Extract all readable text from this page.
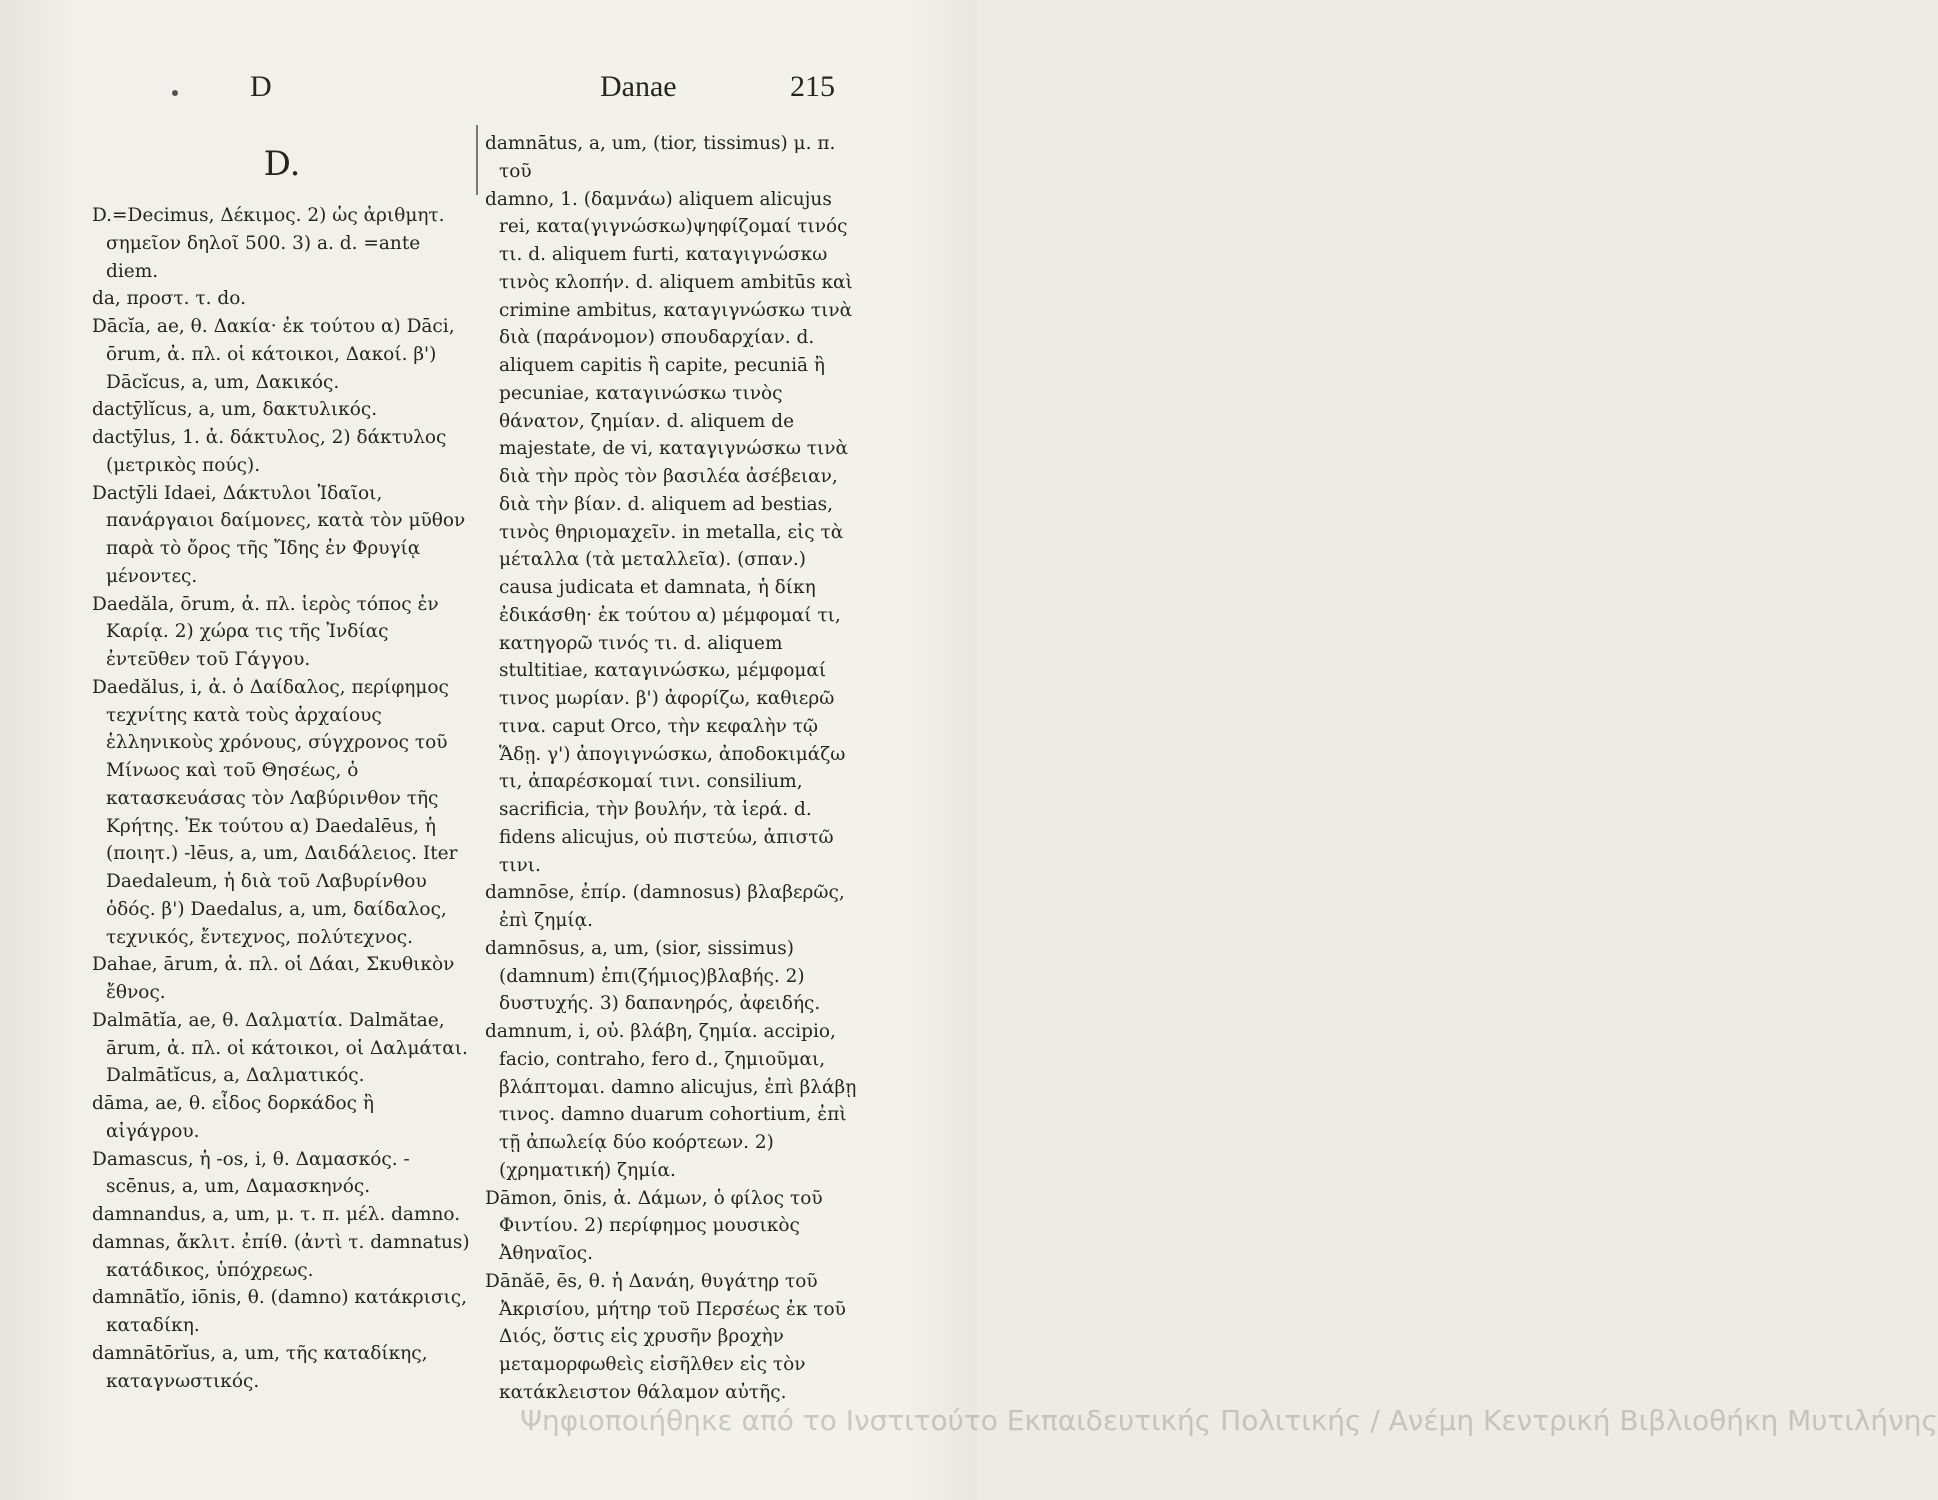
D	Danae	215
D.

D.=Decimus, Δέκιμος. 2) ὡς ἀριθμητ. σημεῖον δηλοῖ 500. 3) a. d. =ante diem.

da, προστ. τ. do.

Dācĭa, ae, θ. Δακία· ἐκ τούτου α) Dāci, ōrum, ἀ. πλ. οἱ κάτοικοι, Δακοί. β') Dācĭcus, a, um, Δακικός.

dactȳlĭcus, a, um, δακτυλικός.

dactȳlus, 1. ἀ. δάκτυλος, 2) δάκτυλος (μετρικὸς πούς).

Dactȳli Idaei, Δάκτυλοι Ἰδαῖοι, πανάργαιοι δαίμονες, κατὰ τὸν μῦθον παρὰ τὸ ὄρος τῆς Ἴδης ἐν Φρυγίᾳ μένοντες.

Daedăla, ōrum, ἀ. πλ. ἱερὸς τόπος ἐν Καρίᾳ. 2) χώρα τις τῆς Ἰνδίας ἐντεῦθεν τοῦ Γάγγου.

Daedălus, i, ἀ. ὁ Δαίδαλος, περίφημος τεχνίτης κατὰ τοὺς ἀρχαίους ἑλληνικοὺς χρόνους, σύγχρονος τοῦ Μίνωος καὶ τοῦ Θησέως, ὁ κατασκευάσας τὸν Λαβύρινθον τῆς Κρήτης. Ἐκ τούτου α) Daedalēus, ἡ (ποιητ.) -lēus, a, um, Δαιδάλειος. Iter Daedaleum, ἡ διὰ τοῦ Λαβυρίνθου ὁδός. β') Daedalus, a, um, δαίδαλος, τεχνικός, ἔντεχνος, πολύτεχνος.

Dahae, ārum, ἀ. πλ. οἱ Δάαι, Σκυθικὸν ἔθνος.

Dalmātĭa, ae, θ. Δαλματία. Dalmătae, ārum, ἀ. πλ. οἱ κάτοικοι, οἱ Δαλμάται. Dalmātĭcus, a, Δαλματικός.

dāma, ae, θ. εἶδος δορκάδος ἢ αἰγάγρου.

Damascus, ἡ -os, i, θ. Δαμασκός. -scēnus, a, um, Δαμασκηνός.

damnandus, a, um, μ. τ. π. μέλ. damno.

damnas, ἄκλιτ. ἐπίθ. (ἀντὶ τ. damnatus) κατάδικος, ὑπόχρεως.

damnātĭo, iōnis, θ. (damno) κατάκρισις, καταδίκη.

damnātōrĭus, a, um, τῆς καταδίκης, καταγνωστικός.

damnātus, a, um, (tior, tissimus) μ. π. τοῦ

damno, 1. (δαμνάω) aliquem alicujus rei, κατα(γιγνώσκω)ψηφίζομαί τινός τι. d. aliquem furti, καταγιγνώσκω τινὸς κλοπήν. d. aliquem ambitūs καὶ crimine ambitus, καταγιγνώσκω τινὰ διὰ (παράνομον) σπουδαρχίαν. d. aliquem capitis ἢ capite, pecuniā ἢ pecuniae, καταγινώσκω τινὸς θάνατον, ζημίαν. d. aliquem de majestate, de vi, καταγιγνώσκω τινὰ διὰ τὴν πρὸς τὸν βασιλέα ἀσέβειαν, διὰ τὴν βίαν. d. aliquem ad bestias, τινὸς θηριομαχεῖν. in metalla, εἰς τὰ μέταλλα (τὰ μεταλλεῖα). (σπαν.) causa judicata et damnata, ἡ δίκη ἐδικάσθη· ἐκ τούτου α) μέμφομαί τι, κατηγορῶ τινός τι. d. aliquem stultitiae, καταγινώσκω, μέμφομαί τινος μωρίαν. β') ἀφορίζω, καθιερῶ τινα. caput Orco, τὴν κεφαλὴν τῷ Ἅδῃ. γ') ἀπογιγνώσκω, ἀποδοκιμάζω τι, ἀπαρέσκομαί τινι. consilium, sacrificia, τὴν βουλήν, τὰ ἱερά. d. fidens alicujus, οὐ πιστεύω, ἀπιστῶ τινι.

damnōse, ἐπίρ. (damnosus) βλαβερῶς, ἐπὶ ζημίᾳ.

damnōsus, a, um, (sior, sissimus) (damnum) ἐπι(ζήμιος)βλαβής. 2) δυστυχής. 3) δαπανηρός, ἀφειδής.

damnum, i, οὐ. βλάβη, ζημία. accipio, facio, contraho, fero d., ζημιοῦμαι, βλάπτομαι. damno alicujus, ἐπὶ βλάβῃ τινος. damno duarum cohortium, ἐπὶ τῇ ἀπωλείᾳ δύο κοόρτεων. 2) (χρηματική) ζημία.

Dāmon, ōnis, ἀ. Δάμων, ὁ φίλος τοῦ Φιντίου. 2) περίφημος μουσικὸς Ἀθηναῖος.

Dānăē, ēs, θ. ἡ Δανάη, θυγάτηρ τοῦ Ἀκρισίου, μήτηρ τοῦ Περσέως ἐκ τοῦ Διός, ὅστις εἰς χρυσῆν βροχὴν μεταμορφωθεὶς εἰσῆλθεν εἰς τὸν κατάκλειστον θάλαμον αὐτῆς.

Ψηφιοποιήθηκε από το Ινστιτούτο Εκπαιδευτικής Πολιτικής / Ανέμη Κεντρική Βιβλιοθήκη Μυτιλήνης
